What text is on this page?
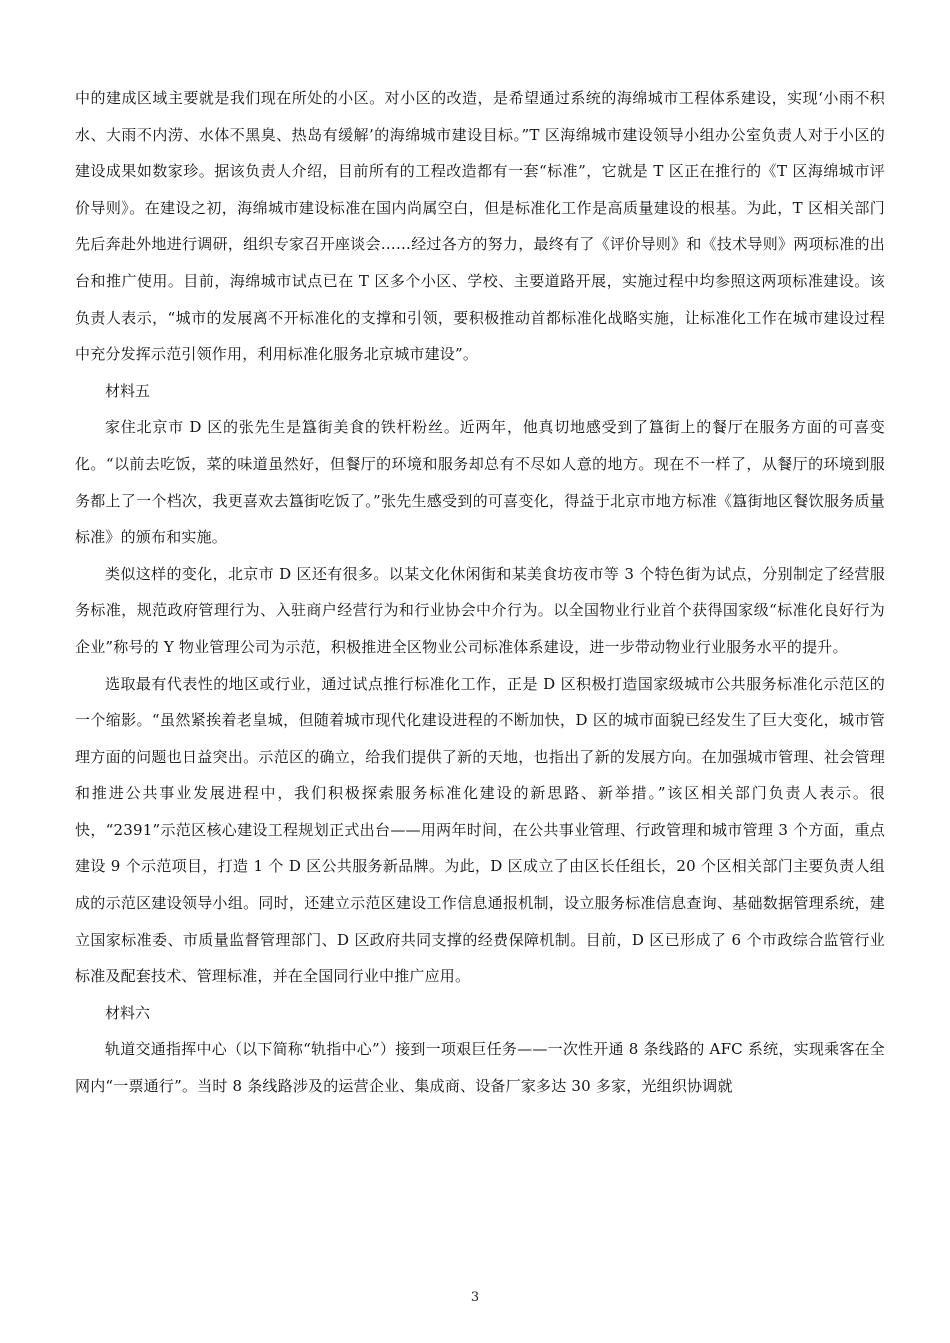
中的建成区域主要就是我们现在所处的小区。对小区的改造，是希望通过系统的海绵城市工程体系建设，实现‘小雨不积水、大雨不内涝、水体不黑臭、热岛有缓解’的海绵城市建设目标。”T 区海绵城市建设领导小组办公室负责人对于小区的建设成果如数家珍。据该负责人介绍，目前所有的工程改造都有一套“标准”，它就是 T 区正在推行的《T 区海绵城市评价导则》。在建设之初，海绵城市建设标准在国内尚属空白，但是标准化工作是高质量建设的根基。为此，T 区相关部门先后奔赴外地进行调研，组织专家召开座谈会……经过各方的努力，最终有了《评价导则》和《技术导则》两项标准的出台和推广使用。目前，海绵城市试点已在 T 区多个小区、学校、主要道路开展，实施过程中均参照这两项标准建设。该负责人表示，“城市的发展离不开标准化的支撑和引领，要积极推动首都标准化战略实施，让标准化工作在城市建设过程中充分发挥示范引领作用，利用标准化服务北京城市建设”。

材料五

家住北京市 D 区的张先生是簋街美食的铁杆粉丝。近两年，他真切地感受到了簋街上的餐厅在服务方面的可喜变化。“以前去吃饭，菜的味道虽然好，但餐厅的环境和服务却总有不尽如人意的地方。现在不一样了，从餐厅的环境到服务都上了一个档次，我更喜欢去簋街吃饭了。”张先生感受到的可喜变化，得益于北京市地方标准《簋街地区餐饮服务质量标准》的颁布和实施。

类似这样的变化，北京市 D 区还有很多。以某文化休闲街和某美食坊夜市等 3 个特色街为试点，分别制定了经营服务标准，规范政府管理行为、入驻商户经营行为和行业协会中介行为。以全国物业行业首个获得国家级“标准化良好行为企业”称号的 Y 物业管理公司为示范，积极推进全区物业公司标准体系建设，进一步带动物业行业服务水平的提升。

选取最有代表性的地区或行业，通过试点推行标准化工作，正是 D 区积极打造国家级城市公共服务标准化示范区的一个缩影。“虽然紧挨着老皇城，但随着城市现代化建设进程的不断加快，D 区的城市面貌已经发生了巨大变化，城市管理方面的问题也日益突出。示范区的确立，给我们提供了新的天地，也指出了新的发展方向。在加强城市管理、社会管理和推进公共事业发展进程中，我们积极探索服务标准化建设的新思路、新举措。”该区相关部门负责人表示。很快，“2391”示范区核心建设工程规划正式出台——用两年时间，在公共事业管理、行政管理和城市管理 3 个方面，重点建设 9 个示范项目，打造 1 个 D 区公共服务新品牌。为此，D 区成立了由区长任组长，20 个区相关部门主要负责人组成的示范区建设领导小组。同时，还建立示范区建设工作信息通报机制，设立服务标准信息查询、基础数据管理系统，建立国家标准委、市质量监督管理部门、D 区政府共同支撑的经费保障机制。目前，D 区已形成了 6 个市政综合监管行业标准及配套技术、管理标准，并在全国同行业中推广应用。

材料六

轨道交通指挥中心（以下简称“轨指中心”）接到一项艰巨任务——一次性开通 8 条线路的 AFC 系统，实现乘客在全网内“一票通行”。当时 8 条线路涉及的运营企业、集成商、设备厂家多达 30 多家，光组织协调就

3
